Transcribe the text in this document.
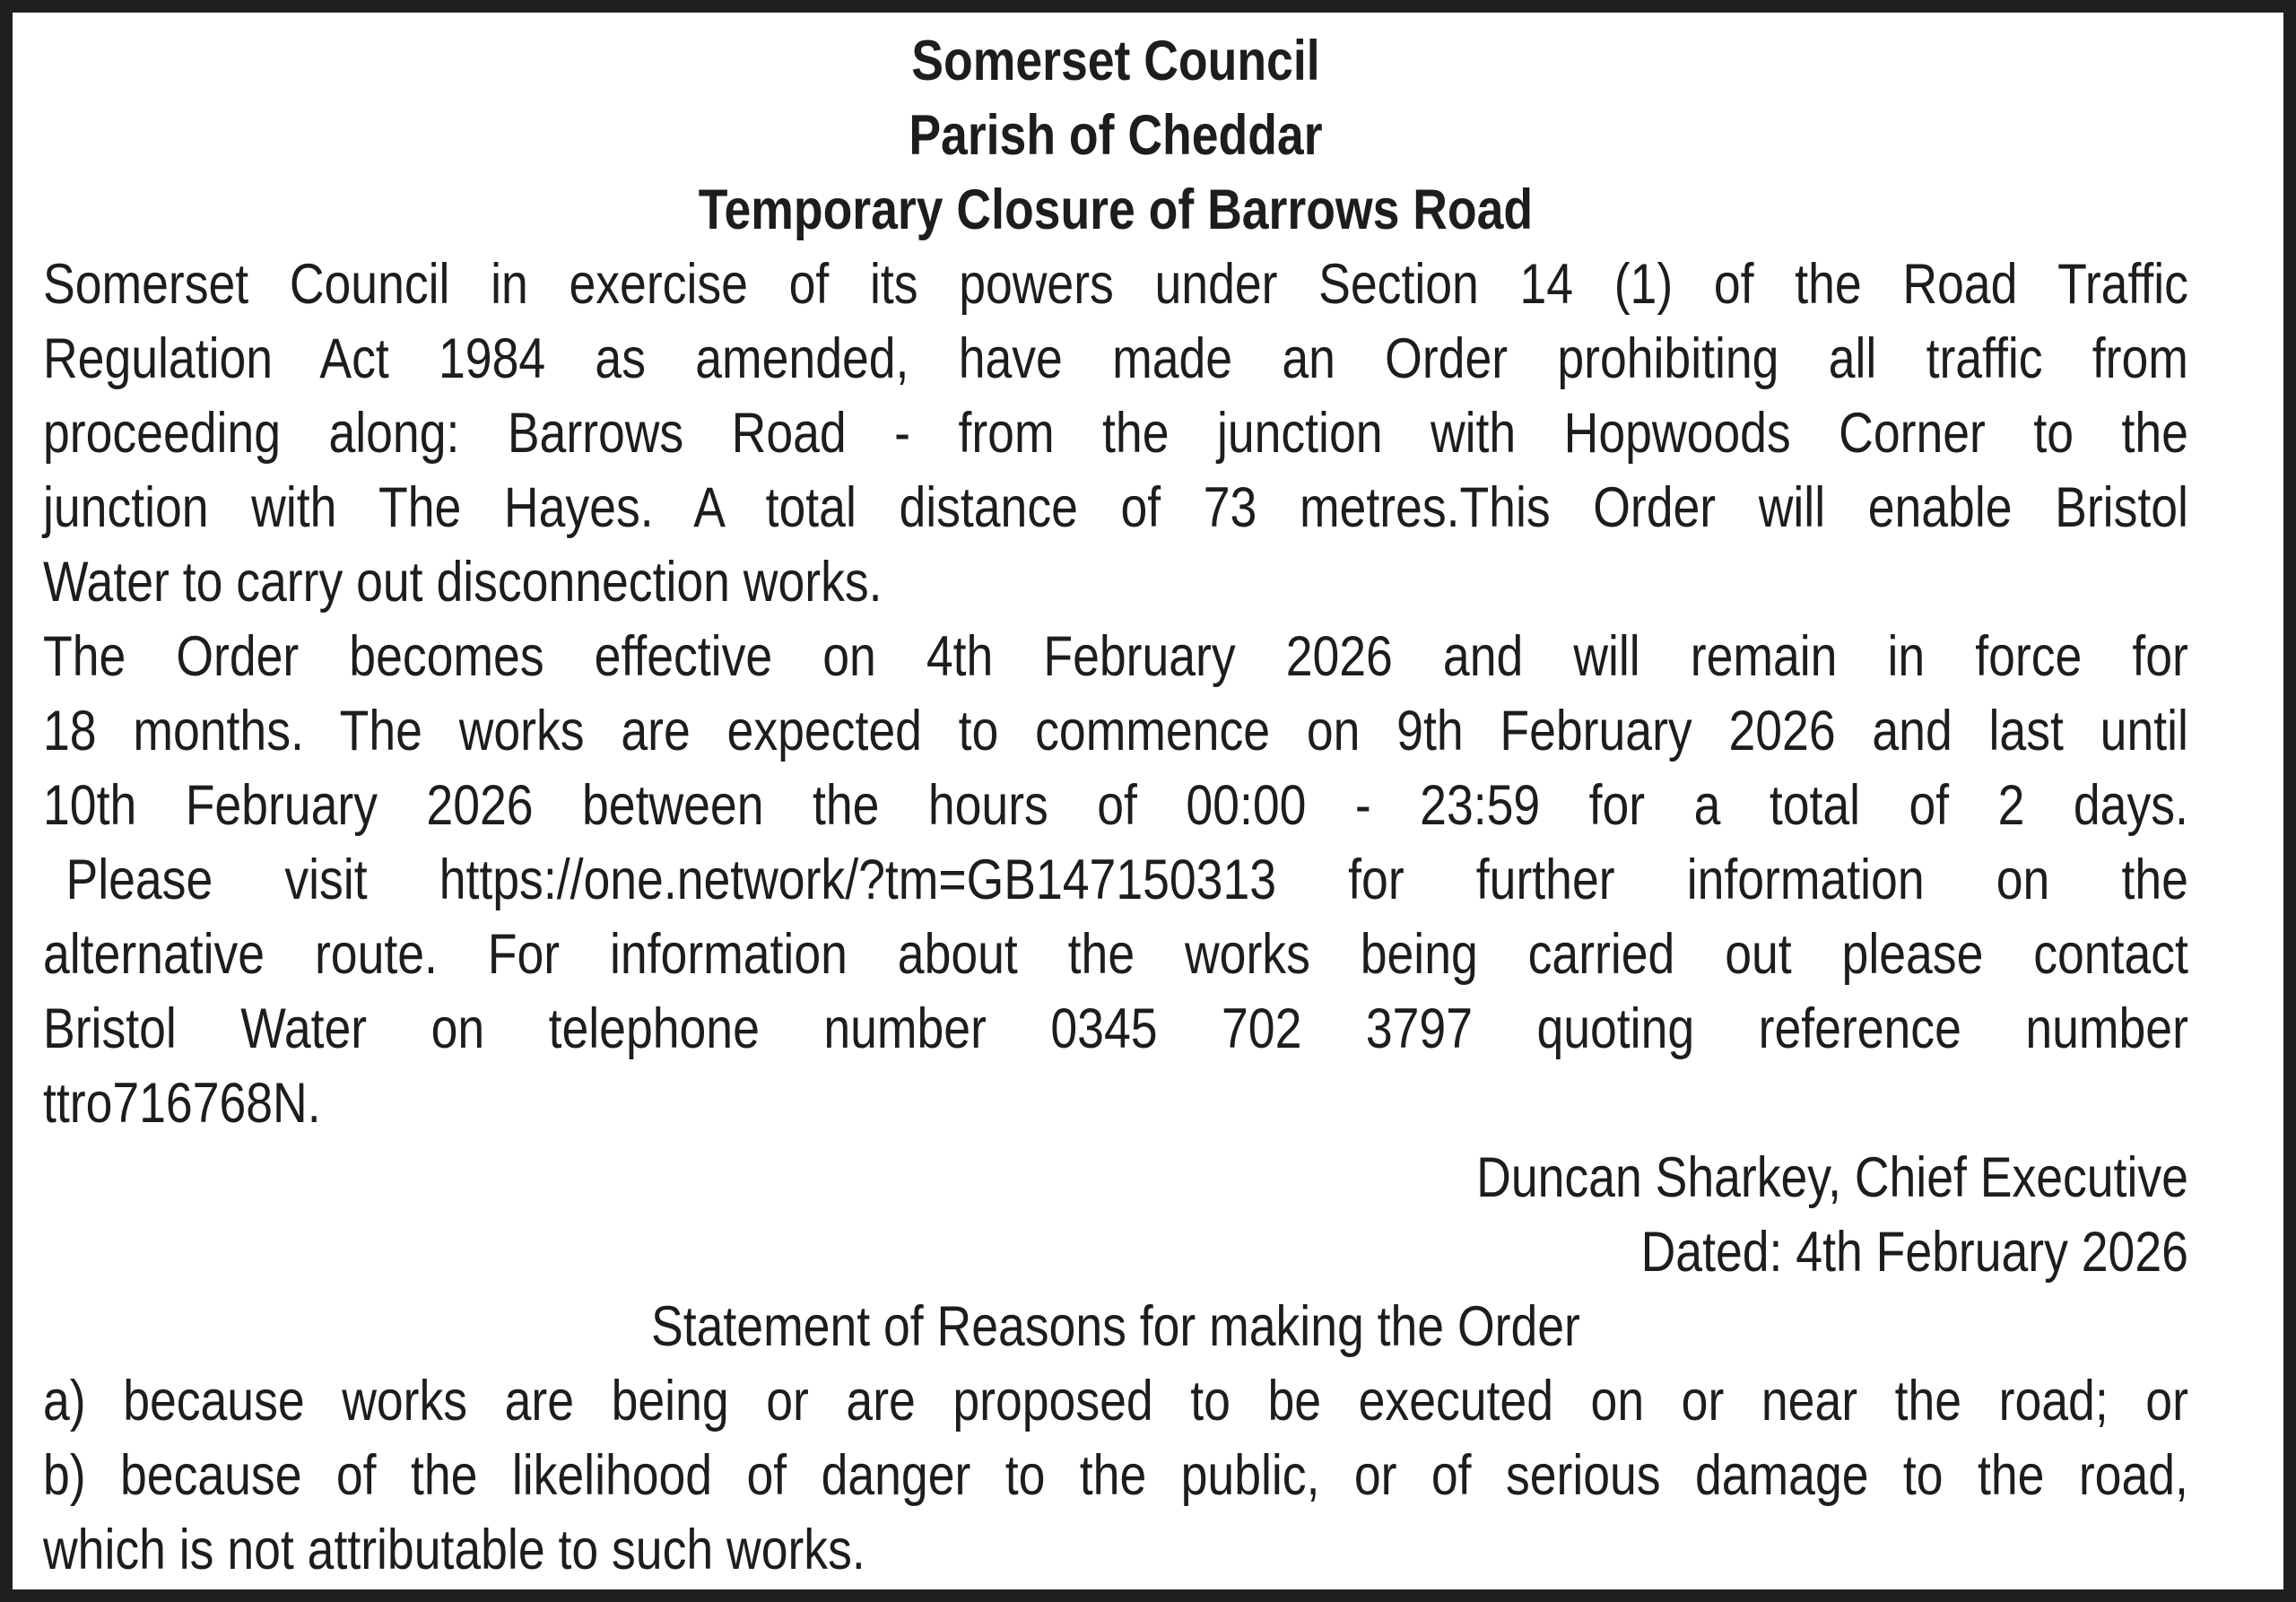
Somerset Council
Parish of Cheddar
Temporary Closure of Barrows Road
Somerset Council in exercise of its powers under Section 14 (1) of the Road Traffic
Regulation Act 1984 as amended, have made an Order prohibiting all traffic from
proceeding along: Barrows Road - from the junction with Hopwoods Corner to the
junction with The Hayes. A total distance of 73 metres.This Order will enable Bristol
Water to carry out disconnection works.
The Order becomes effective on 4th February 2026 and will remain in force for
18 months. The works are expected to commence on 9th February 2026 and last until
10th February 2026 between the hours of 00:00 - 23:59 for a total of 2 days.
Please visit https://one.network/?tm=GB147150313 for further information on the
alternative route. For information about the works being carried out please contact
Bristol Water on telephone number 0345 702 3797 quoting reference number
ttro716768N.
Duncan Sharkey, Chief Executive
Dated: 4th February 2026
Statement of Reasons for making the Order
a) because works are being or are proposed to be executed on or near the road; or
b) because of the likelihood of danger to the public, or of serious damage to the road,
which is not attributable to such works.
